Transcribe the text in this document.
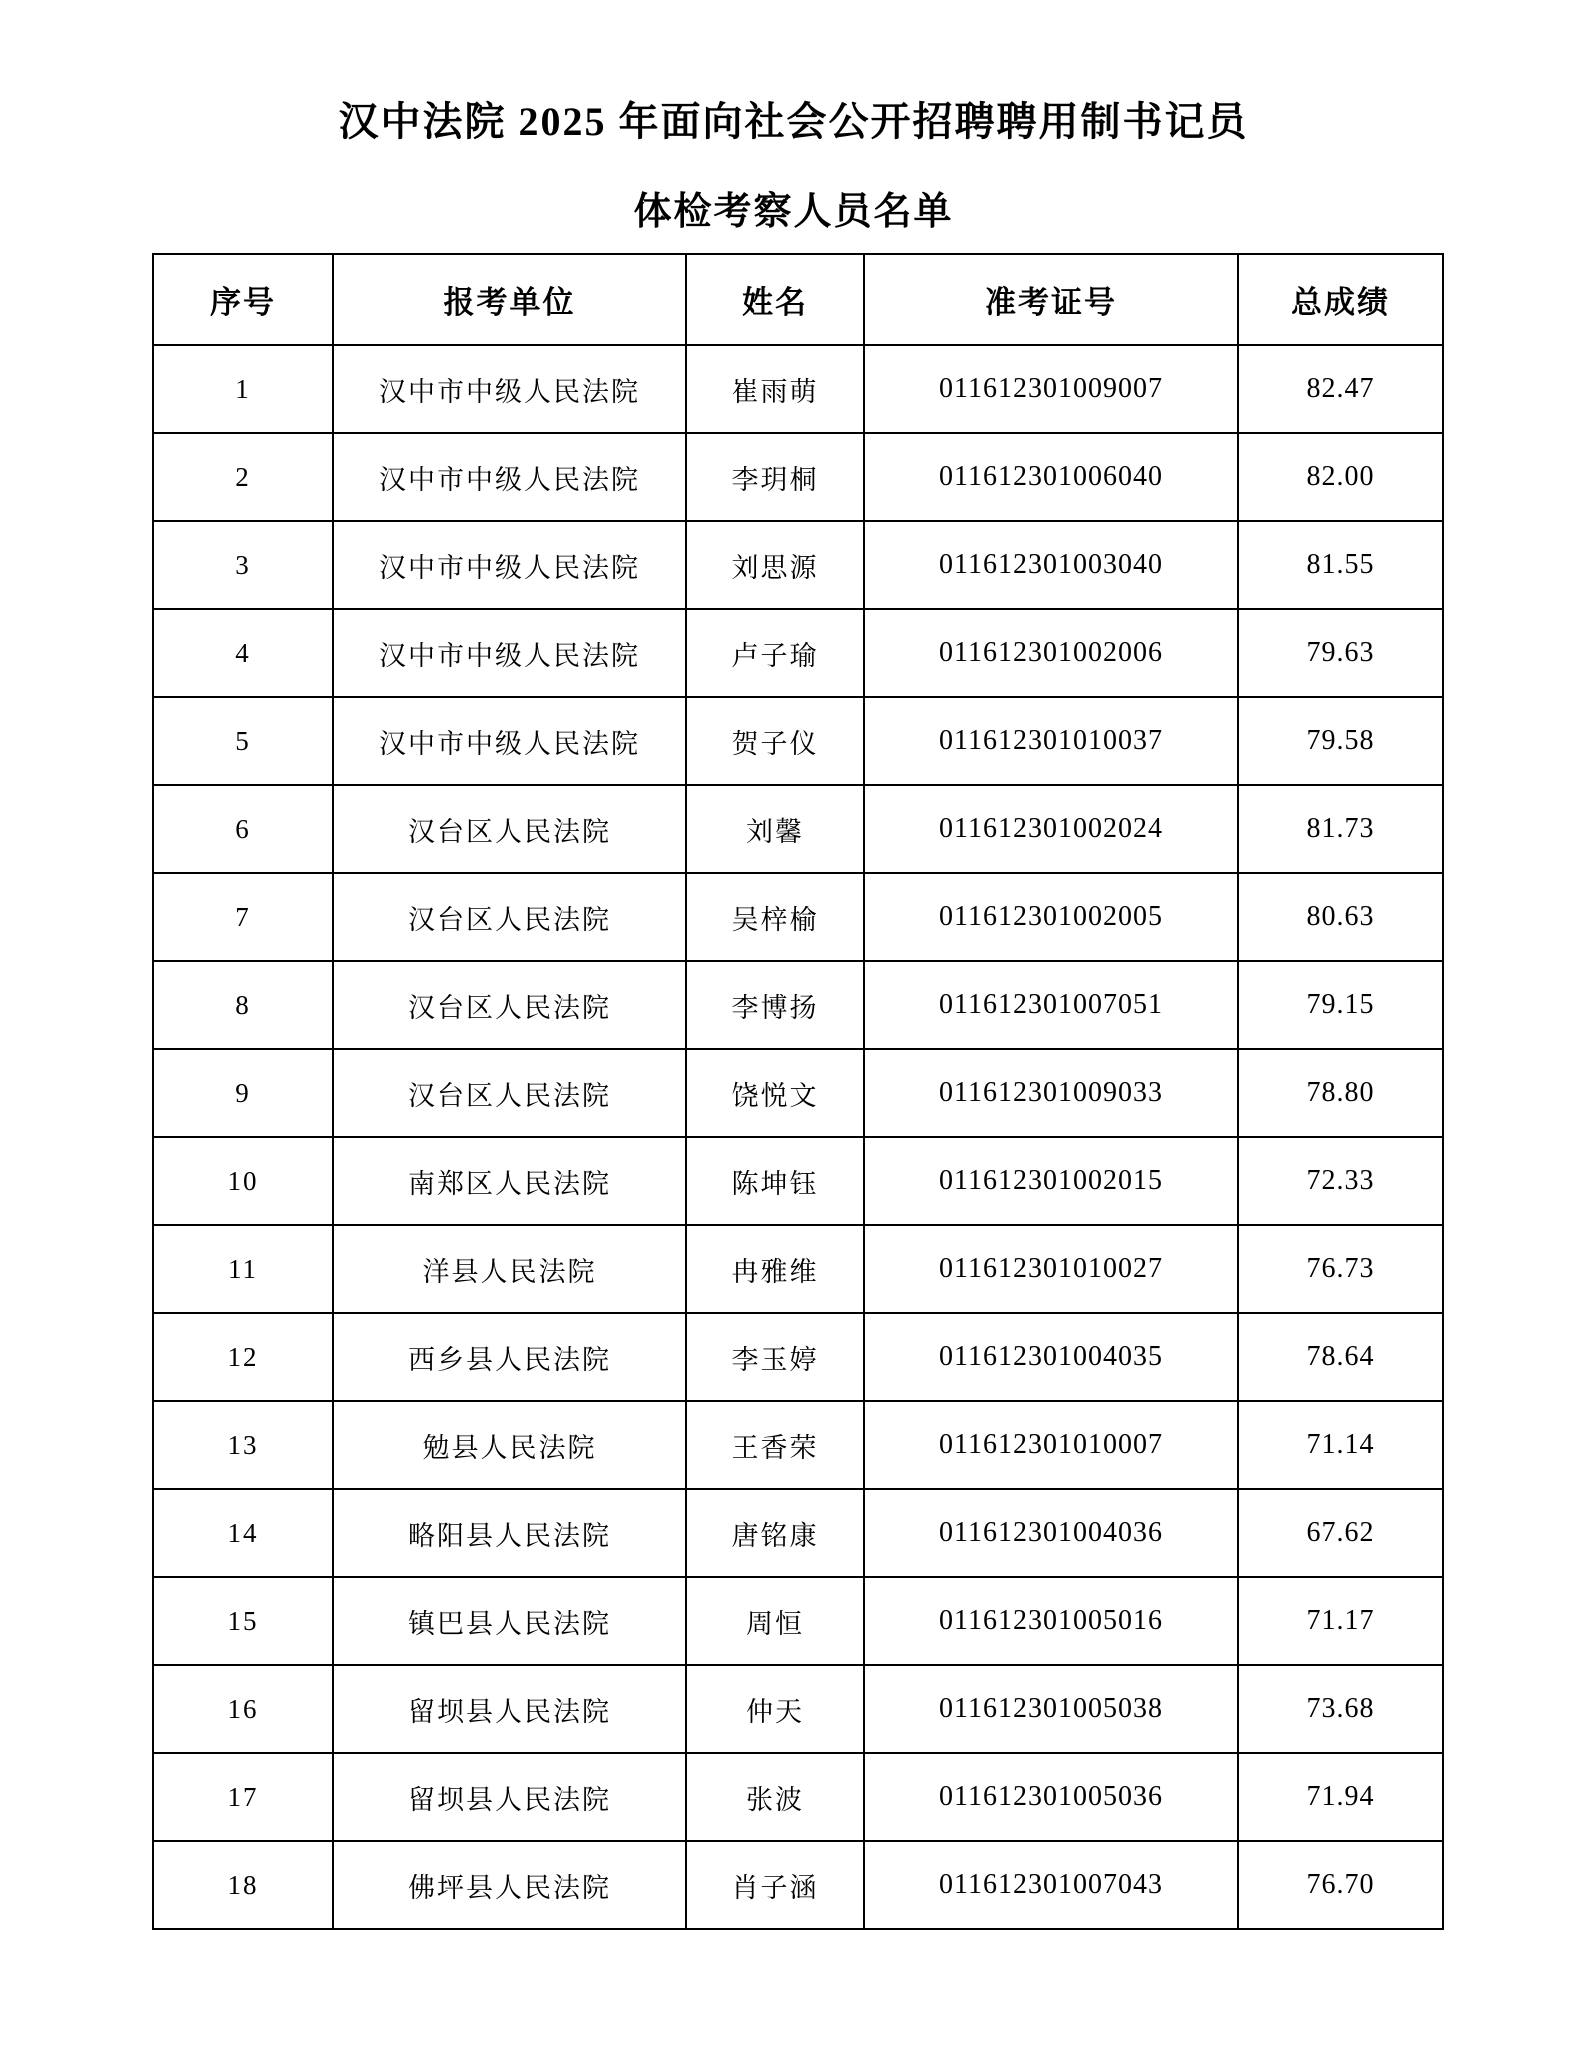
汉中法院 2025 年面向社会公开招聘聘用制书记员
体检考察人员名单
序号	报考单位	姓名	准考证号	总成绩
1	汉中市中级人民法院	崔雨萌	011612301009007	82.47
2	汉中市中级人民法院	李玥桐	011612301006040	82.00
3	汉中市中级人民法院	刘思源	011612301003040	81.55
4	汉中市中级人民法院	卢子瑜	011612301002006	79.63
5	汉中市中级人民法院	贺子仪	011612301010037	79.58
6	汉台区人民法院	刘馨	011612301002024	81.73
7	汉台区人民法院	吴梓榆	011612301002005	80.63
8	汉台区人民法院	李博扬	011612301007051	79.15
9	汉台区人民法院	饶悦文	011612301009033	78.80
10	南郑区人民法院	陈坤钰	011612301002015	72.33
11	洋县人民法院	冉雅维	011612301010027	76.73
12	西乡县人民法院	李玉婷	011612301004035	78.64
13	勉县人民法院	王香荣	011612301010007	71.14
14	略阳县人民法院	唐铭康	011612301004036	67.62
15	镇巴县人民法院	周恒	011612301005016	71.17
16	留坝县人民法院	仲天	011612301005038	73.68
17	留坝县人民法院	张波	011612301005036	71.94
18	佛坪县人民法院	肖子涵	011612301007043	76.70
